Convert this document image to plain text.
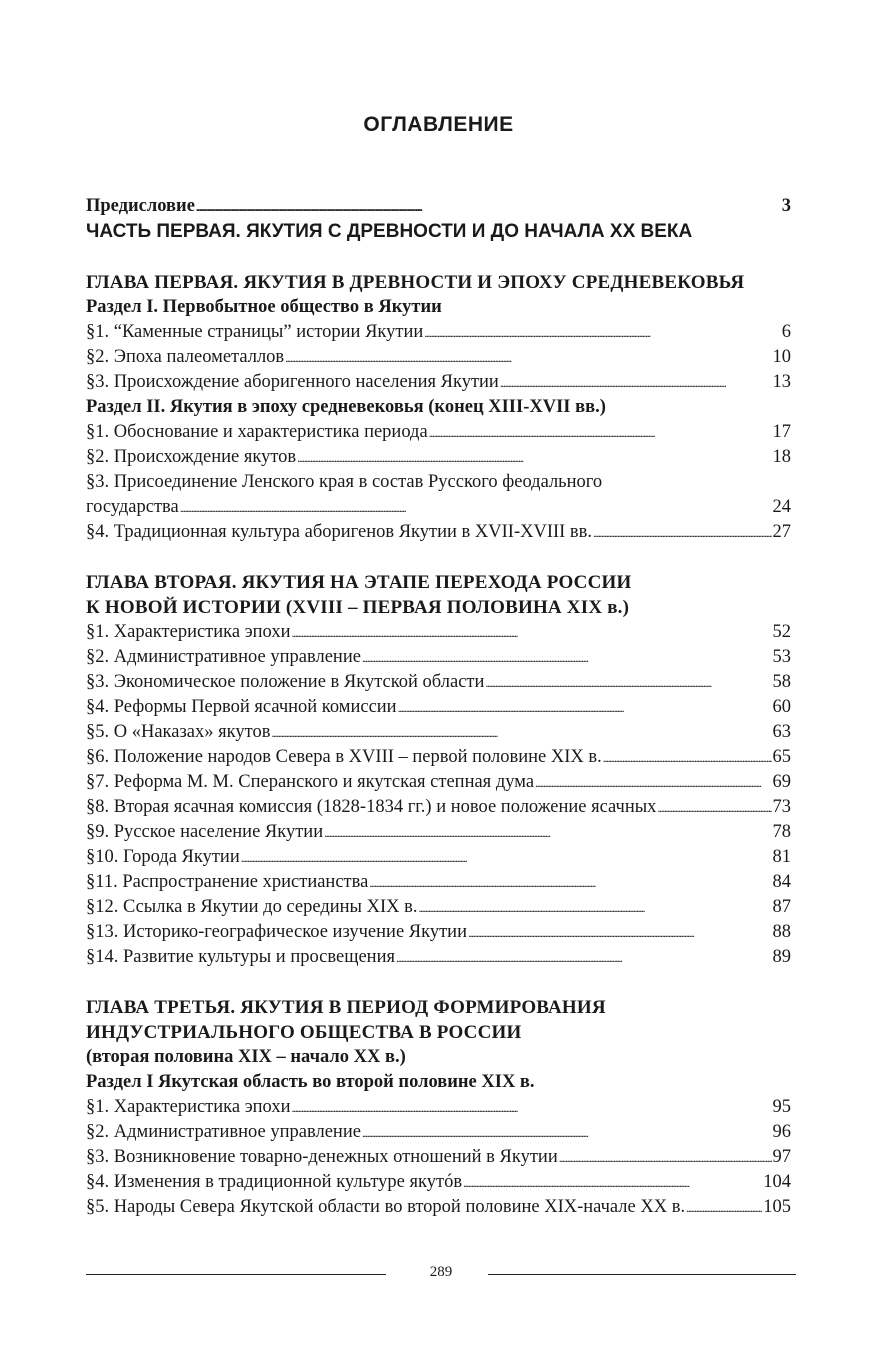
ОГЛАВЛЕНИЕ
Предисловие . . .	3
ЧАСТЬ ПЕРВАЯ. ЯКУТИЯ С ДРЕВНОСТИ И ДО НАЧАЛА XX ВЕКА
ГЛАВА ПЕРВАЯ. ЯКУТИЯ В ДРЕВНОСТИ И ЭПОХУ СРЕДНЕВЕКОВЬЯ
Раздел I. Первобытное общество в Якутии
§1. “Каменные страницы” истории Якутии . . .	6
§2. Эпоха палеометаллов . . .	10
§3. Происхождение аборигенного населения Якутии . . .	13
Раздел II. Якутия в эпоху средневековья (конец XIII-XVII вв.)
§1. Обоснование и характеристика периода . . .	17
§2. Происхождение якутов . . .	18
§3. Присоединение Ленского края в состав Русского феодального
государства . . .	24
§4. Традиционная культура аборигенов Якутии в XVII-XVIII вв. . . .	27
ГЛАВА ВТОРАЯ. ЯКУТИЯ НА ЭТАПЕ ПЕРЕХОДА РОССИИ
К НОВОЙ ИСТОРИИ (XVIII – ПЕРВАЯ ПОЛОВИНА XIX в.)
§1. Характеристика эпохи . . .	52
§2. Административное управление . . .	53
§3. Экономическое положение в Якутской области . . .	58
§4. Реформы Первой ясачной комиссии . . .	60
§5. О «Наказах» якутов . . .	63
§6. Положение народов Севера в XVIII – первой половине XIX в. . . .	65
§7. Реформа М. М. Сперанского и якутская степная дума . . .	69
§8. Вторая ясачная комиссия (1828-1834 гг.) и новое положение ясачных . . .	73
§9. Русское население Якутии . . .	78
§10. Города Якутии . . .	81
§11. Распространение христианства . . .	84
§12. Ссылка в Якутии до середины XIX в. . . .	87
§13. Историко-географическое изучение Якутии . . .	88
§14. Развитие культуры и просвещения . . .	89
ГЛАВА ТРЕТЬЯ. ЯКУТИЯ В ПЕРИОД ФОРМИРОВАНИЯ
ИНДУСТРИАЛЬНОГО ОБЩЕСТВА В РОССИИ
(вторая половина XIX – начало XX в.)
Раздел I Якутская область во второй половине XIX в.
§1. Характеристика эпохи . . .	95
§2. Административное управление . . .	96
§3. Возникновение товарно-денежных отношений в Якутии . . .	97
§4. Изменения в традиционной культуре якутóв . . .	104
§5. Народы Севера Якутской области во второй половине XIX-начале XX в. . . .	105
289
